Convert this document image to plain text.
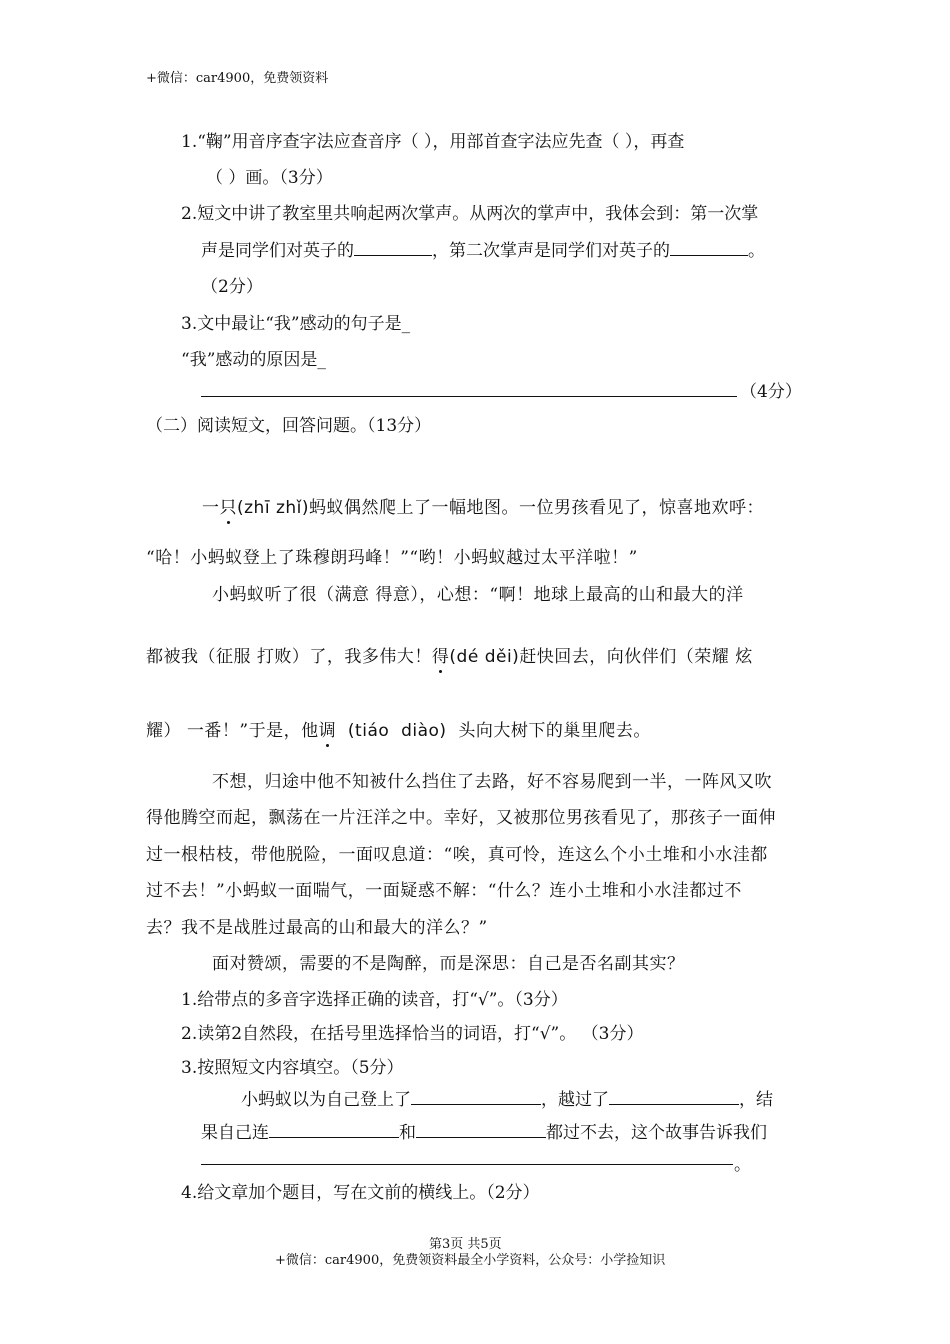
+微信：car4900，免费领资料
1.“鞠”用音序查字法应查音序（ ），用部首查字法应先查（ ），再查
（ ）画。（3分）
2.短文中讲了教室里共响起两次掌声。从两次的掌声中，我体会到：第一次掌
声是同学们对英子的	，第二次掌声是同学们对英子的	。
（2分）
3.文中最让“我”感动的句子是_
“我”感动的原因是_
（4分）
（二）阅读短文，回答问题。（13分）
一只(zhī zhǐ)蚂蚁偶然爬上了一幅地图。一位男孩看见了，惊喜地欢呼：
“哈！小蚂蚁登上了珠穆朗玛峰！”“哟！小蚂蚁越过太平洋啦！”
小蚂蚁听了很（满意 得意），心想：“啊！地球上最高的山和最大的洋
都被我（征服 打败）了，我多伟大！得(dé děi)赶快回去，向伙伴们（荣耀 炫
耀） 一番！”于是，他调  (tiáo  diào)  头向大树下的巢里爬去。
不想，归途中他不知被什么挡住了去路，好不容易爬到一半，一阵风又吹
得他腾空而起，飘荡在一片汪洋之中。幸好，又被那位男孩看见了，那孩子一面伸
过一根枯枝，带他脱险，一面叹息道：“唉，真可怜，连这么个小土堆和小水洼都
过不去！”小蚂蚁一面喘气，一面疑惑不解：“什么？连小土堆和小水洼都过不
去？我不是战胜过最高的山和最大的洋么？”
面对赞颂，需要的不是陶醉，而是深思：自己是否名副其实？
1.给带点的多音字选择正确的读音，打“√”。（3分）
2.读第2自然段，在括号里选择恰当的词语，打“√”。 （3分）
3.按照短文内容填空。（5分）
小蚂蚁以为自己登上了	，越过了	，结
果自己连	和	都过不去，这个故事告诉我们
。
4.给文章加个题目，写在文前的横线上。（2分）
第3页 共5页
+微信：car4900，免费领资料最全小学资料，公众号：小学捡知识
